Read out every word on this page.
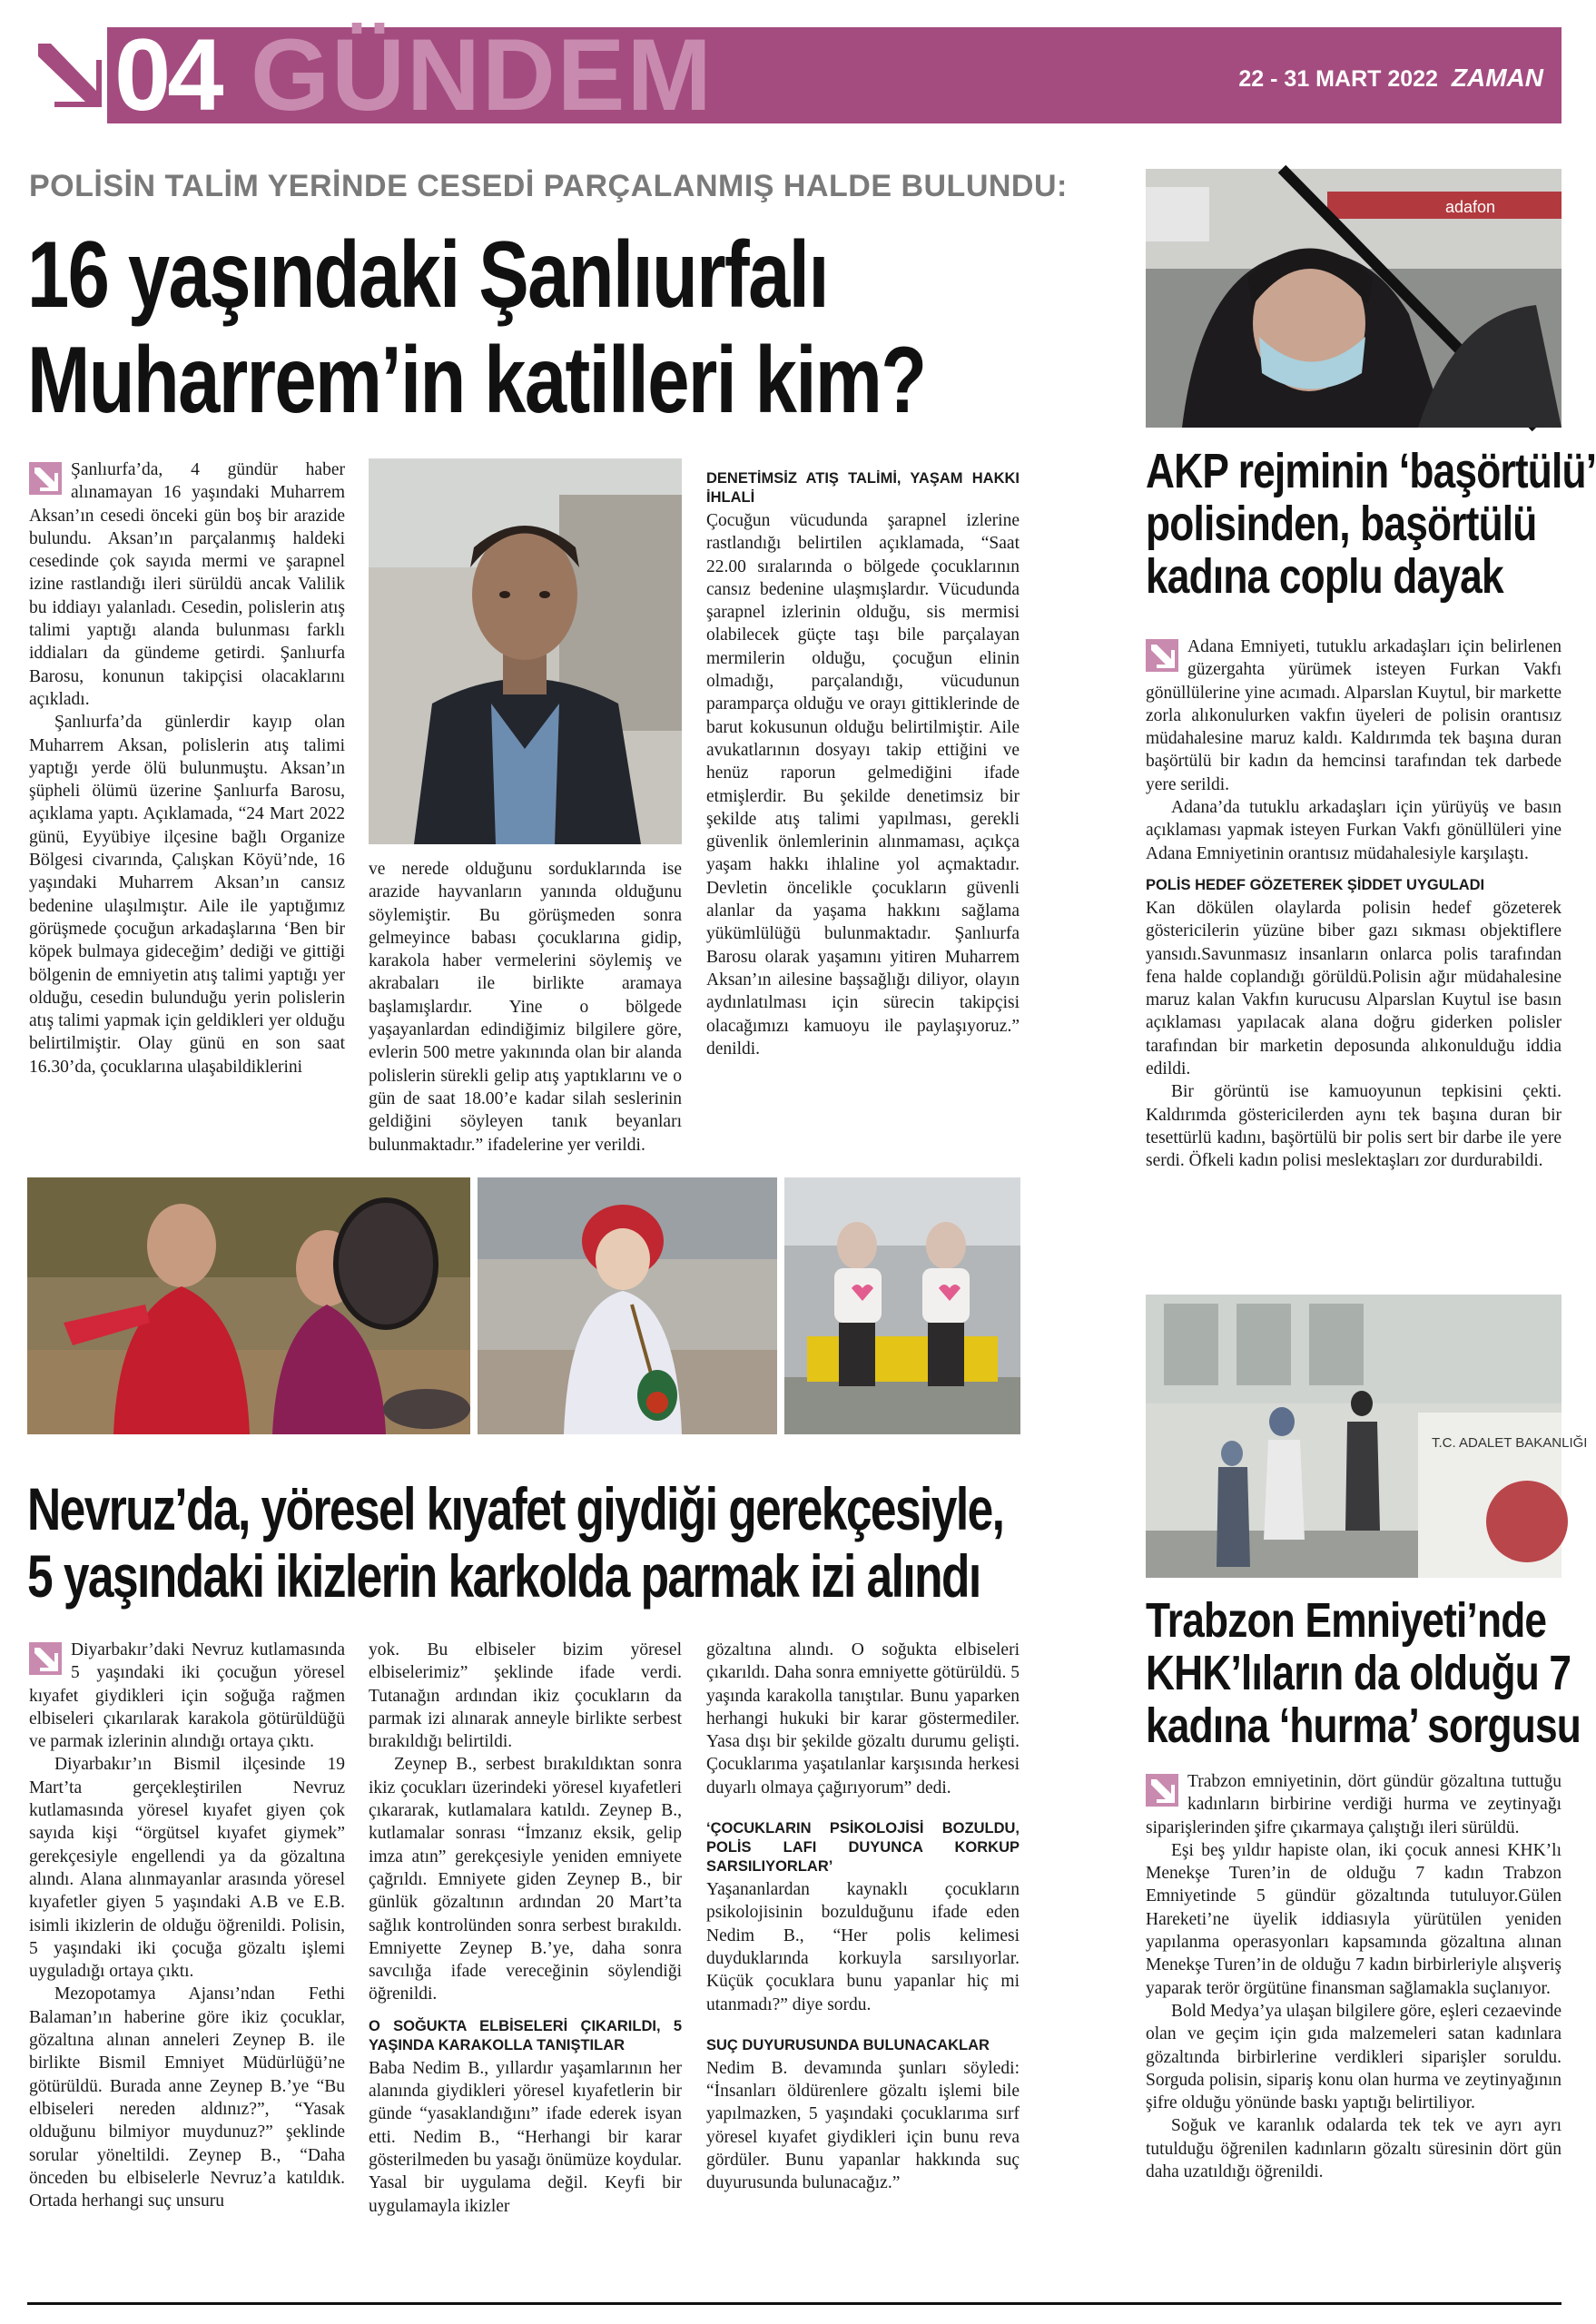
04 GÜNDEM	22 - 31 MART 2022 ZAMAN
POLİSİN TALİM YERİNDE CESEDİ PARÇALANMIŞ HALDE BULUNDU:
16 yaşındaki Şanlıurfalı
Muharrem’in katilleri kim?

Şanlıurfa’da, 4 gündür haber alınamayan 16 yaşındaki Muharrem Aksan’ın cesedi önceki gün boş bir arazide bulundu. Aksan’ın parçalanmış haldeki cesedinde çok sayıda mermi ve şarapnel izine rastlandığı ileri sürüldü ancak Valilik bu iddiayı yalanladı. Cesedin, polislerin atış talimi yaptığı alanda bulunması farklı iddiaları da gündeme getirdi. Şanlıurfa Barosu, konunun takipçisi olacaklarını açıkladı.

Şanlıurfa’da günlerdir kayıp olan Muharrem Aksan, polislerin atış talimi yaptığı yerde ölü bulunmuştu. Aksan’ın şüpheli ölümü üzerine Şanlıurfa Barosu, açıklama yaptı. Açıklamada, “24 Mart 2022 günü, Eyyübiye ilçesine bağlı Organize Bölgesi civarında, Çalışkan Köyü’nde, 16 yaşındaki Muharrem Aksan’ın cansız bedenine ulaşılmıştır. Aile ile yaptığımız görüşmede çocuğun arkadaşlarına ‘Ben bir köpek bulmaya gideceğim’ dediği ve gittiği bölgenin de emniyetin atış talimi yaptığı yer olduğu, cesedin bulunduğu yerin polislerin atış talimi yapmak için geldikleri yer olduğu belirtilmiştir. Olay günü en son saat 16.30’da, çocuklarına ulaşabildiklerini

ve nerede olduğunu sorduklarında ise arazide hayvanların yanında olduğunu söylemiştir. Bu görüşmeden sonra gelmeyince babası çocuklarına gidip, karakola haber vermelerini söylemiş ve akrabaları ile birlikte aramaya başlamışlardır. Yine o bölgede yaşayanlardan edindiğimiz bilgilere göre, evlerin 500 metre yakınında olan bir alanda polislerin sürekli gelip atış yaptıklarını ve o gün de saat 18.00’e kadar silah seslerinin geldiğini söyleyen tanık beyanları bulunmaktadır.” ifadelerine yer verildi.

DENETİMSİZ ATIŞ TALİMİ, YAŞAM HAKKI İHLALİ

Çocuğun vücudunda şarapnel izlerine rastlandığı belirtilen açıklamada, “Saat 22.00 sıralarında o bölgede çocuklarının cansız bedenine ulaşmışlardır. Vücudunda şarapnel izlerinin olduğu, sis mermisi olabilecek güçte taşı bile parçalayan mermilerin olduğu, çocuğun elinin olmadığı, parçalandığı, vücudunun paramparça olduğu ve orayı gittiklerinde de barut kokusunun olduğu belirtilmiştir. Aile avukatlarının dosyayı takip ettiğini ve henüz raporun gelmediğini ifade etmişlerdir. Bu şekilde denetimsiz bir şekilde atış talimi yapılması, gerekli güvenlik önlemlerinin alınmaması, açıkça yaşam hakkı ihlaline yol açmaktadır. Devletin öncelikle çocukların güvenli alanlar da yaşama hakkını sağlama yükümlülüğü bulunmaktadır. Şanlıurfa Barosu olarak yaşamını yitiren Muharrem Aksan’ın ailesine başsağlığı diliyor, olayın aydınlatılması için sürecin takipçisi olacağımızı kamuoyu ile paylaşıyoruz.” denildi.

adafon
AKP rejminin ‘başörtülü’
polisinden, başörtülü
kadına coplu dayak

Adana Emniyeti, tutuklu arkadaşları için belirlenen güzergahta yürümek isteyen Furkan Vakfı gönüllülerine yine acımadı. Alparslan Kuytul, bir markette zorla alıkonulurken vakfın üyeleri de polisin orantısız müdahalesine maruz kaldı. Kaldırımda tek başına duran başörtülü bir kadın da hemcinsi tarafından tek darbede yere serildi.

Adana’da tutuklu arkadaşları için yürüyüş ve basın açıklaması yapmak isteyen Furkan Vakfı gönüllüleri yine Adana Emniyetinin orantısız müdahalesiyle karşılaştı.

POLİS HEDEF GÖZETEREK ŞİDDET UYGULADI

Kan dökülen olaylarda polisin hedef gözeterek göstericilerin yüzüne biber gazı sıkması objektiflere yansıdı.Savunmasız insanların onlarca polis tarafından fena halde coplandığı görüldü.Polisin ağır müdahalesine maruz kalan Vakfın kurucusu Alparslan Kuytul ise basın açıklaması yapılacak alana doğru giderken polisler tarafından bir marketin deposunda alıkonulduğu iddia edildi.

Bir görüntü ise kamuoyunun tepkisini çekti. Kaldırımda göstericilerden aynı tek başına duran bir tesettürlü kadını, başörtülü bir polis sert bir darbe ile yere serdi. Öfkeli kadın polisi meslektaşları zor durdurabildi.

Nevruz’da, yöresel kıyafet giydiği gerekçesiyle,
5 yaşındaki ikizlerin karkolda parmak izi alındı

Diyarbakır’daki Nevruz kutlamasında 5 yaşındaki iki çocuğun yöresel kıyafet giydikleri için soğuğa rağmen elbiseleri çıkarılarak karakola götürüldüğü ve parmak izlerinin alındığı ortaya çıktı.

Diyarbakır’ın Bismil ilçesinde 19 Mart’ta gerçekleştirilen Nevruz kutlamasında yöresel kıyafet giyen çok sayıda kişi “örgütsel kıyafet giymek” gerekçesiyle engellendi ya da gözaltına alındı. Alana alınmayanlar arasında yöresel kıyafetler giyen 5 yaşındaki A.B ve E.B. isimli ikizlerin de olduğu öğrenildi. Polisin, 5 yaşındaki iki çocuğa gözaltı işlemi uyguladığı ortaya çıktı.

Mezopotamya Ajansı’ndan Fethi Balaman’ın haberine göre ikiz çocuklar, gözaltına alınan anneleri Zeynep B. ile birlikte Bismil Emniyet Müdürlüğü’ne götürüldü. Burada anne Zeynep B.’ye “Bu elbiseleri nereden aldınız?”, “Yasak olduğunu bilmiyor muydunuz?” şeklinde sorular yöneltildi. Zeynep B., “Daha önceden bu elbiselerle Nevruz’a katıldık. Ortada herhangi suç unsuru

yok. Bu elbiseler bizim yöresel elbiselerimiz” şeklinde ifade verdi. Tutanağın ardından ikiz çocukların da parmak izi alınarak anneyle birlikte serbest bırakıldığı belirtildi.

Zeynep B., serbest bırakıldıktan sonra ikiz çocukları üzerindeki yöresel kıyafetleri çıkararak, kutlamalara katıldı. Zeynep B., kutlamalar sonrası “İmzanız eksik, gelip imza atın” gerekçesiyle yeniden emniyete çağrıldı. Emniyete giden Zeynep B., bir günlük gözaltının ardından 20 Mart’ta sağlık kontrolünden sonra serbest bırakıldı. Emniyette Zeynep B.’ye, daha sonra savcılığa ifade vereceğinin söylendiği öğrenildi.

O SOĞUKTA ELBİSELERİ ÇIKARILDI, 5 YAŞINDA KARAKOLLA TANIŞTILAR

Baba Nedim B., yıllardır yaşamlarının her alanında giydikleri yöresel kıyafetlerin bir günde “yasaklandığını” ifade ederek isyan etti. Nedim B., “Herhangi bir karar gösterilmeden bu yasağı önümüze koydular. Yasal bir uygulama değil. Keyfi bir uygulamayla ikizler

gözaltına alındı. O soğukta elbiseleri çıkarıldı. Daha sonra emniyette götürüldü. 5 yaşında karakolla tanıştılar. Bunu yaparken herhangi hukuki bir karar göstermediler. Yasa dışı bir şekilde gözaltı durumu gelişti. Çocuklarıma yaşatılanlar karşısında herkesi duyarlı olmaya çağırıyorum” dedi.

‘ÇOCUKLARIN PSİKOLOJİSİ BOZULDU, POLİS LAFI DUYUNCA KORKUP SARSILIYORLAR’

Yaşananlardan kaynaklı çocukların psikolojisinin bozulduğunu ifade eden Nedim B., “Her polis kelimesi duyduklarında korkuyla sarsılıyorlar. Küçük çocuklara bunu yapanlar hiç mi utanmadı?” diye sordu.

SUÇ DUYURUSUNDA BULUNACAKLAR

Nedim B. devamında şunları söyledi: “İnsanları öldürenlere gözaltı işlemi bile yapılmazken, 5 yaşındaki çocuklarıma sırf yöresel kıyafet giydikleri için bunu reva gördüler. Bunu yapanlar hakkında suç duyurusunda bulunacağız.”

T.C. ADALET BAKANLIĞI
Trabzon Emniyeti’nde
KHK’lıların da olduğu 7
kadına ‘hurma’ sorgusu

Trabzon emniyetinin, dört gündür gözaltına tuttuğu kadınların birbirine verdiği hurma ve zeytinyağı siparişlerinden şifre çıkarmaya çalıştığı ileri sürüldü.

Eşi beş yıldır hapiste olan, iki çocuk annesi KHK’lı Menekşe Turen’in de olduğu 7 kadın Trabzon Emniyetinde 5 gündür gözaltında tutuluyor.Gülen Hareketi’ne üyelik iddiasıyla yürütülen yeniden yapılanma operasyonları kapsamında gözaltına alınan Menekşe Turen’in de olduğu 7 kadın birbirleriyle alışveriş yaparak terör örgütüne finansman sağlamakla suçlanıyor.

Bold Medya’ya ulaşan bilgilere göre, eşleri cezaevinde olan ve geçim için gıda malzemeleri satan kadınlara gözaltında birbirlerine verdikleri siparişler soruldu. Sorguda polisin, sipariş konu olan hurma ve zeytinyağının şifre olduğu yönünde baskı yaptığı belirtiliyor.

Soğuk ve karanlık odalarda tek tek ve ayrı ayrı tutulduğu öğrenilen kadınların gözaltı süresinin dört gün daha uzatıldığı öğrenildi.
